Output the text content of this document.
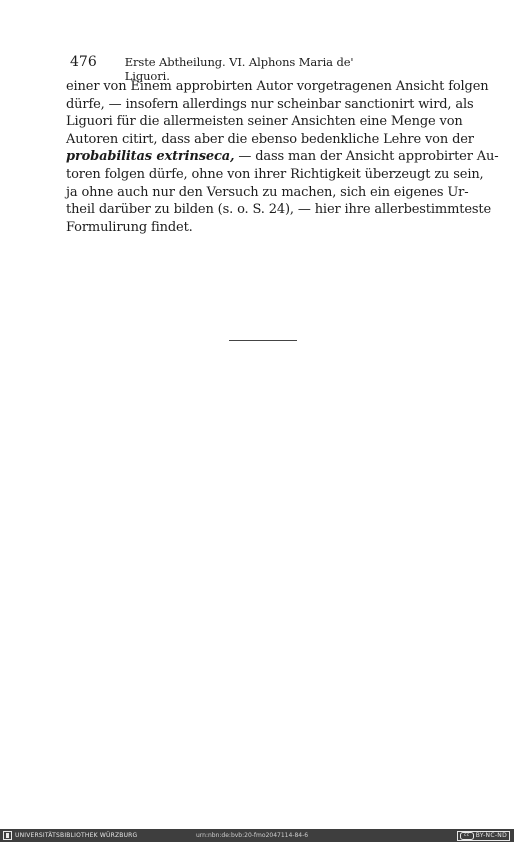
476 Erste Abtheilung. VI. Alphons Maria de' Liguori.
einer von Einem approbirten Autor vorgetragenen Ansicht folgen
dürfe, — insofern allerdings nur scheinbar sanctionirt wird, als
Liguori für die allermeisten seiner Ansichten eine Menge von
Autoren citirt, dass aber die ebenso bedenkliche Lehre von der
probabilitas extrinseca, — dass man der Ansicht approbirter Au-
toren folgen dürfe, ohne von ihrer Richtigkeit überzeugt zu sein,
ja ohne auch nur den Versuch zu machen, sich ein eigenes Ur-
theil darüber zu bilden (s. o. S. 24), — hier ihre allerbestimmteste
Formulirung findet.
UNIVERSITÄTSBIBLIOTHEK WÜRZBURG	urn:nbn:de:bvb:20-fmo2047114-84-6	cc	BY-NC-ND
